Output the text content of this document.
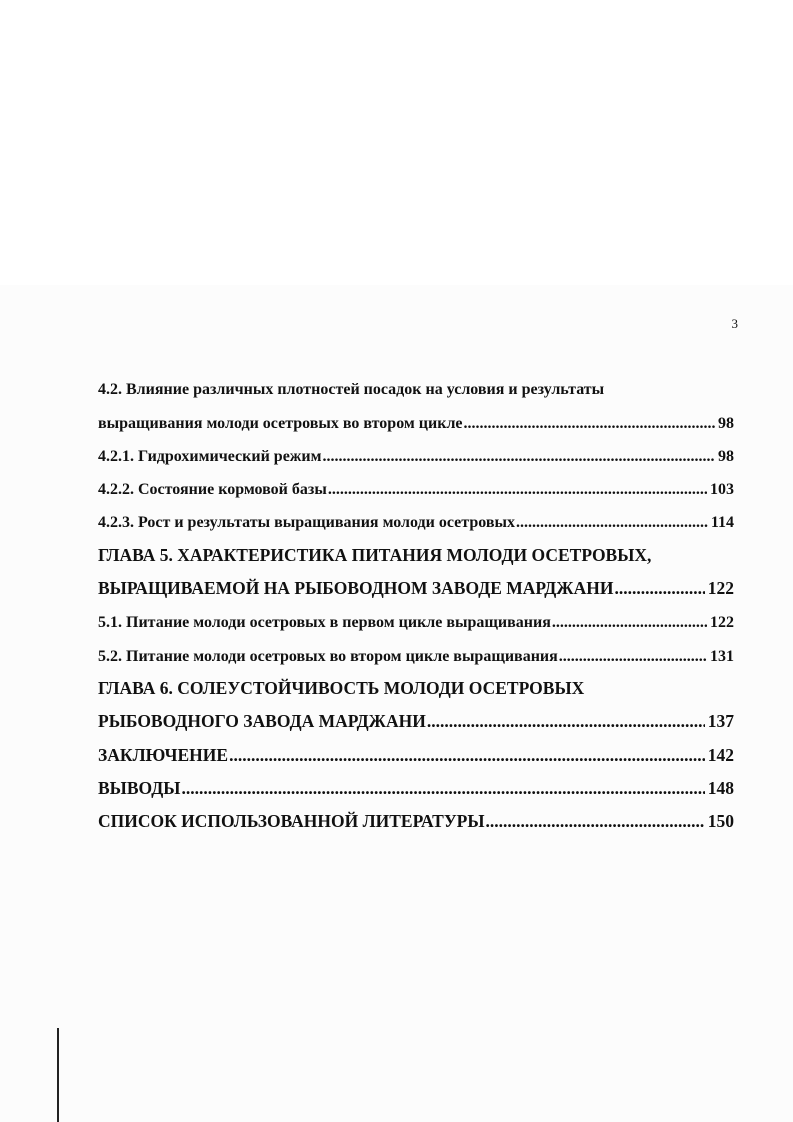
3
4.2. Влияние различных плотностей посадок на условия и результаты
выращивания молоди осетровых во втором цикле .....	98
4.2.1. Гидрохимический режим .....	98
4.2.2. Состояние кормовой базы .....	103
4.2.3. Рост и результаты выращивания молоди осетровых .....	114
ГЛАВА 5. ХАРАКТЕРИСТИКА ПИТАНИЯ МОЛОДИ ОСЕТРОВЫХ,
ВЫРАЩИВАЕМОЙ НА РЫБОВОДНОМ ЗАВОДЕ МАРДЖАНИ .....	122
5.1. Питание молоди осетровых в первом цикле выращивания .....	122
5.2. Питание молоди осетровых во втором цикле выращивания .....	131
ГЛАВА 6. СОЛЕУСТОЙЧИВОСТЬ МОЛОДИ ОСЕТРОВЫХ
РЫБОВОДНОГО ЗАВОДА МАРДЖАНИ .....	137
ЗАКЛЮЧЕНИЕ .....	142
ВЫВОДЫ .....	148
СПИСОК ИСПОЛЬЗОВАННОЙ ЛИТЕРАТУРЫ .....	150
